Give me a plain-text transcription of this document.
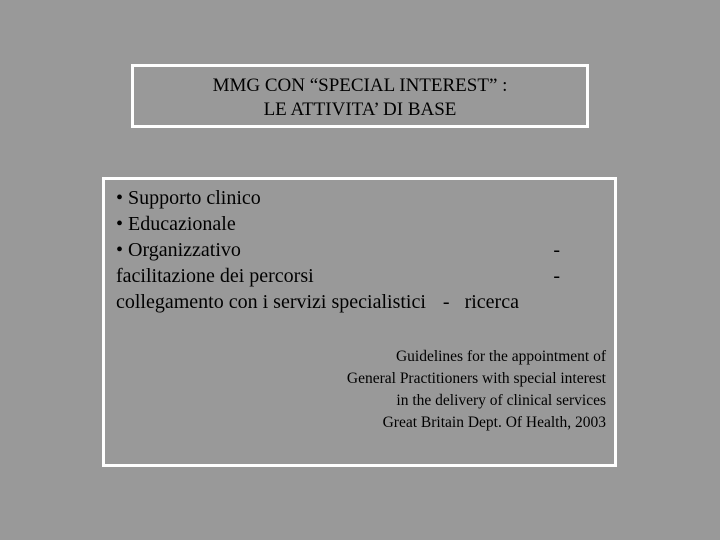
MMG CON “SPECIAL INTEREST” :
LE ATTIVITA’ DI BASE
• Supporto clinico
• Educazionale
• Organizzativo	-
facilitazione dei percorsi	-
collegamento con i servizi specialistici - ricerca
Guidelines for the appointment of
General Practitioners with special interest
in the delivery of clinical services
Great Britain Dept. Of Health, 2003
